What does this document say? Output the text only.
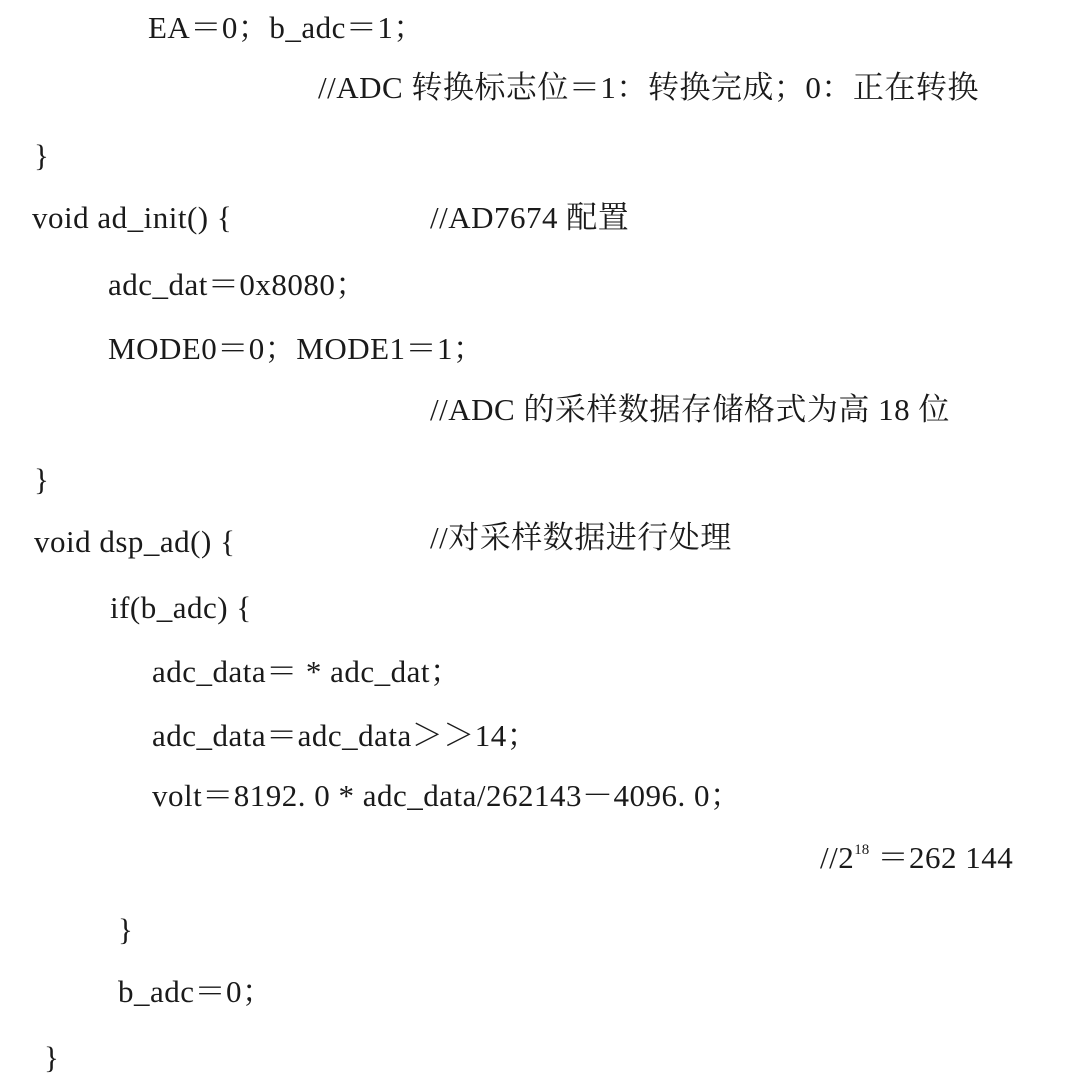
EA＝0；b_adc＝1；
//ADC 转换标志位＝1：转换完成；0：正在转换
}
void ad_init() {	//AD7674 配置
adc_dat＝0x8080；
MODE0＝0；MODE1＝1；
//ADC 的采样数据存储格式为高 18 位
}
void dsp_ad() {	//对采样数据进行处理
if(b_adc) {
adc_data＝ * adc_dat；
adc_data＝adc_data＞＞14；
volt＝8192. 0 * adc_data/262143－4096. 0；
$//2^{18} =262$ 144
}
b_adc＝0；
}
